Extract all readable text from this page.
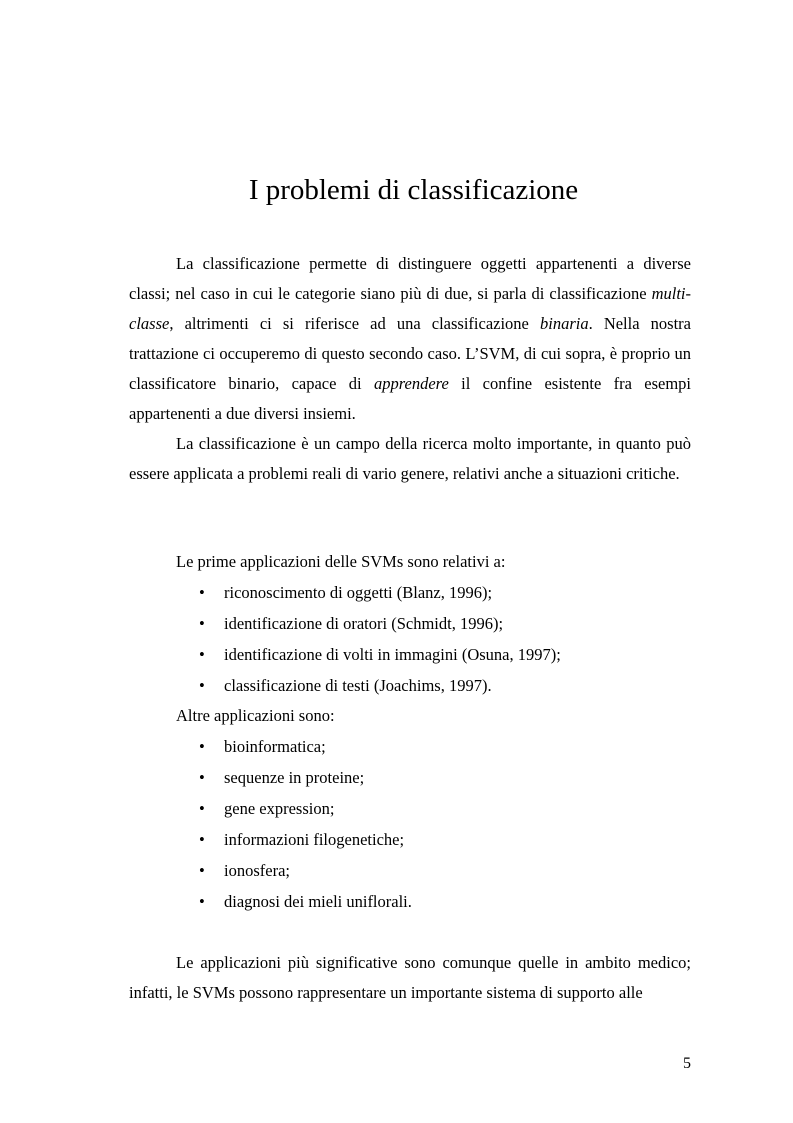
I problemi di classificazione

La classificazione permette di distinguere oggetti appartenenti a diverse classi; nel caso in cui le categorie siano più di due, si parla di classificazione multi-classe, altrimenti ci si riferisce ad una classificazione binaria. Nella nostra trattazione ci occuperemo di questo secondo caso. L’SVM, di cui sopra, è proprio un classificatore binario, capace di apprendere il confine esistente fra esempi appartenenti a due diversi insiemi.

La classificazione è un campo della ricerca molto importante, in quanto può essere applicata a problemi reali di vario genere, relativi anche a situazioni critiche.

Le prime applicazioni delle SVMs sono relativi a:

• riconoscimento di oggetti (Blanz, 1996);
• identificazione di oratori (Schmidt, 1996);
• identificazione di volti in immagini (Osuna, 1997);
• classificazione di testi (Joachims, 1997).

Altre applicazioni sono:

• bioinformatica;
• sequenze in proteine;
• gene expression;
• informazioni filogenetiche;
• ionosfera;
• diagnosi dei mieli uniflorali.

Le applicazioni più significative sono comunque quelle in ambito medico; infatti, le SVMs possono rappresentare un importante sistema di supporto alle

5
